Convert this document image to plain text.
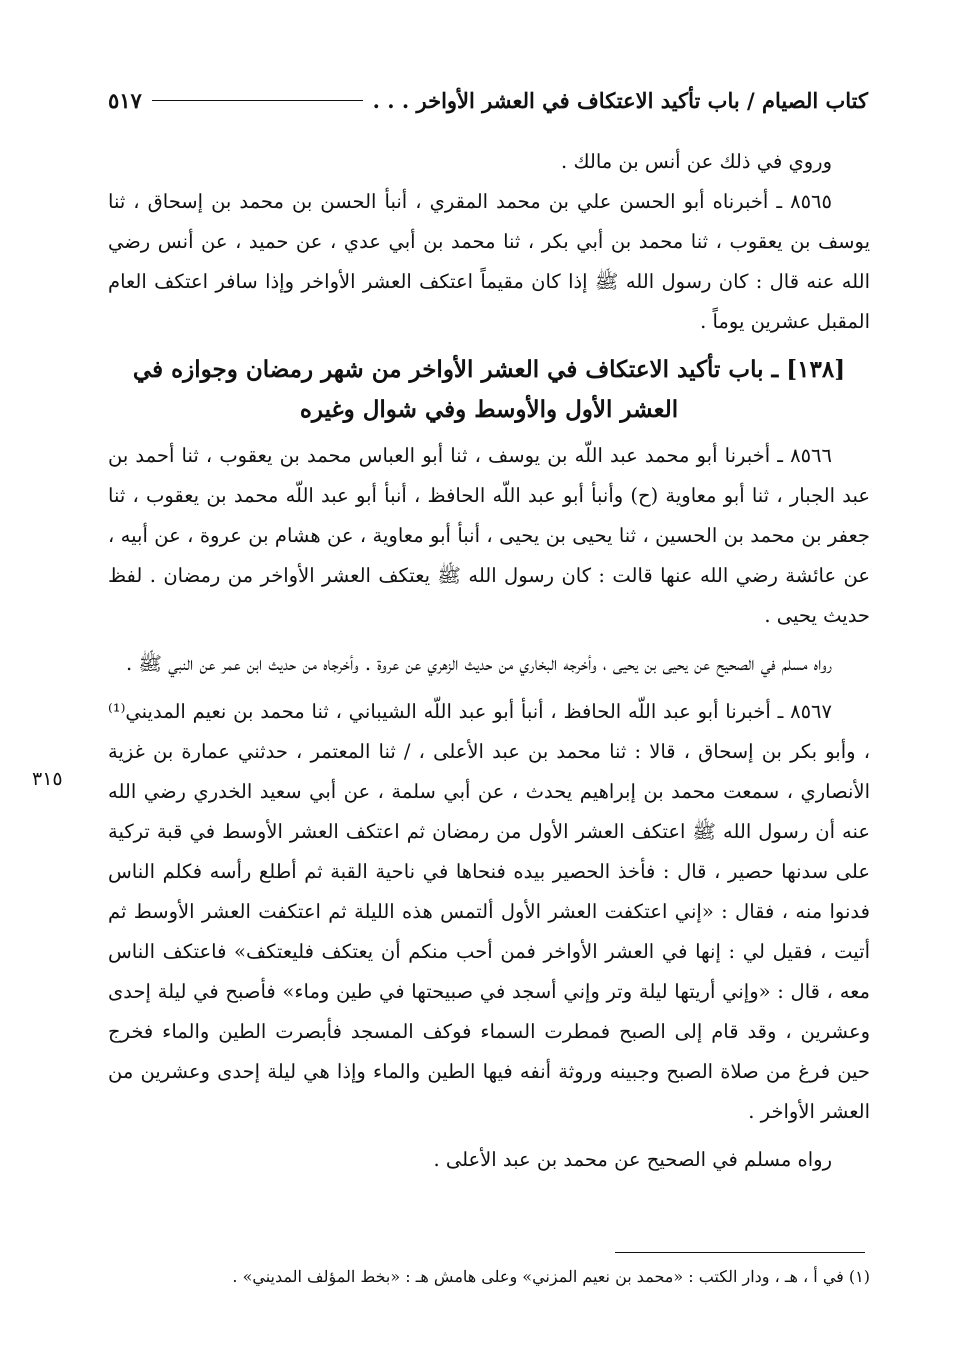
كتاب الصيام / باب تأكيد الاعتكاف في العشر الأواخر . . .
٥١٧

وروي في ذلك عن أنس بن مالك .

٨٥٦٥ ـ أخبرناه أبو الحسن علي بن محمد المقري ، أنبأ الحسن بن محمد بن إسحاق ، ثنا يوسف بن يعقوب ، ثنا محمد بن أبي بكر ، ثنا محمد بن أبي عدي ، عن حميد ، عن أنس رضي الله عنه قال : كان رسول الله ﷺ إذا كان مقيماً اعتكف العشر الأواخر وإذا سافر اعتكف العام المقبل عشرين يوماً .

[١٣٨] ـ باب تأكيد الاعتكاف في العشر الأواخر من شهر رمضان وجوازه في العشر الأول والأوسط وفي شوال وغيره

٨٥٦٦ ـ أخبرنا أبو محمد عبد اللّه بن يوسف ، ثنا أبو العباس محمد بن يعقوب ، ثنا أحمد بن عبد الجبار ، ثنا أبو معاوية (ح) وأنبأ أبو عبد اللّه الحافظ ، أنبأ أبو عبد اللّه محمد بن يعقوب ، ثنا جعفر بن محمد بن الحسين ، ثنا يحيى بن يحيى ، أنبأ أبو معاوية ، عن هشام بن عروة ، عن أبيه ، عن عائشة رضي الله عنها قالت : كان رسول الله ﷺ يعتكف العشر الأواخر من رمضان . لفظ حديث يحيى .

رواه مسلم في الصحيح عن يحيى بن يحيى ، وأخرجه البخاري من حديث الزهري عن عروة . وأخرجاه من حديث ابن عمر عن النبي ﷺ .

٨٥٦٧ ـ أخبرنا أبو عبد اللّه الحافظ ، أنبأ أبو عبد اللّه الشيباني ، ثنا محمد بن نعيم المديني⁽¹⁾ ، وأبو بكر بن إسحاق ، قالا : ثنا محمد بن عبد الأعلى ، / ثنا المعتمر ، حدثني عمارة بن غزية الأنصاري ، سمعت محمد بن إبراهيم يحدث ، عن أبي سلمة ، عن أبي سعيد الخدري رضي الله عنه أن رسول الله ﷺ اعتكف العشر الأول من رمضان ثم اعتكف العشر الأوسط في قبة تركية على سدنها حصير ، قال : فأخذ الحصير بيده فنحاها في ناحية القبة ثم أطلع رأسه فكلم الناس فدنوا منه ، فقال : «إني اعتكفت العشر الأول ألتمس هذه الليلة ثم اعتكفت العشر الأوسط ثم أتيت ، فقيل لي : إنها في العشر الأواخر فمن أحب منكم أن يعتكف فليعتكف» فاعتكف الناس معه ، قال : «وإني أريتها ليلة وتر وإني أسجد في صبيحتها في طين وماء» فأصبح في ليلة إحدى وعشرين ، وقد قام إلى الصبح فمطرت السماء فوكف المسجد فأبصرت الطين والماء فخرج حين فرغ من صلاة الصبح وجبينه وروثة أنفه فيها الطين والماء وإذا هي ليلة إحدى وعشرين من العشر الأواخر .

رواه مسلم في الصحيح عن محمد بن عبد الأعلى .

٣١٥
(١) في أ ، هـ ، ودار الكتب : «محمد بن نعيم المزني» وعلى هامش هـ : «بخط المؤلف المديني» .
